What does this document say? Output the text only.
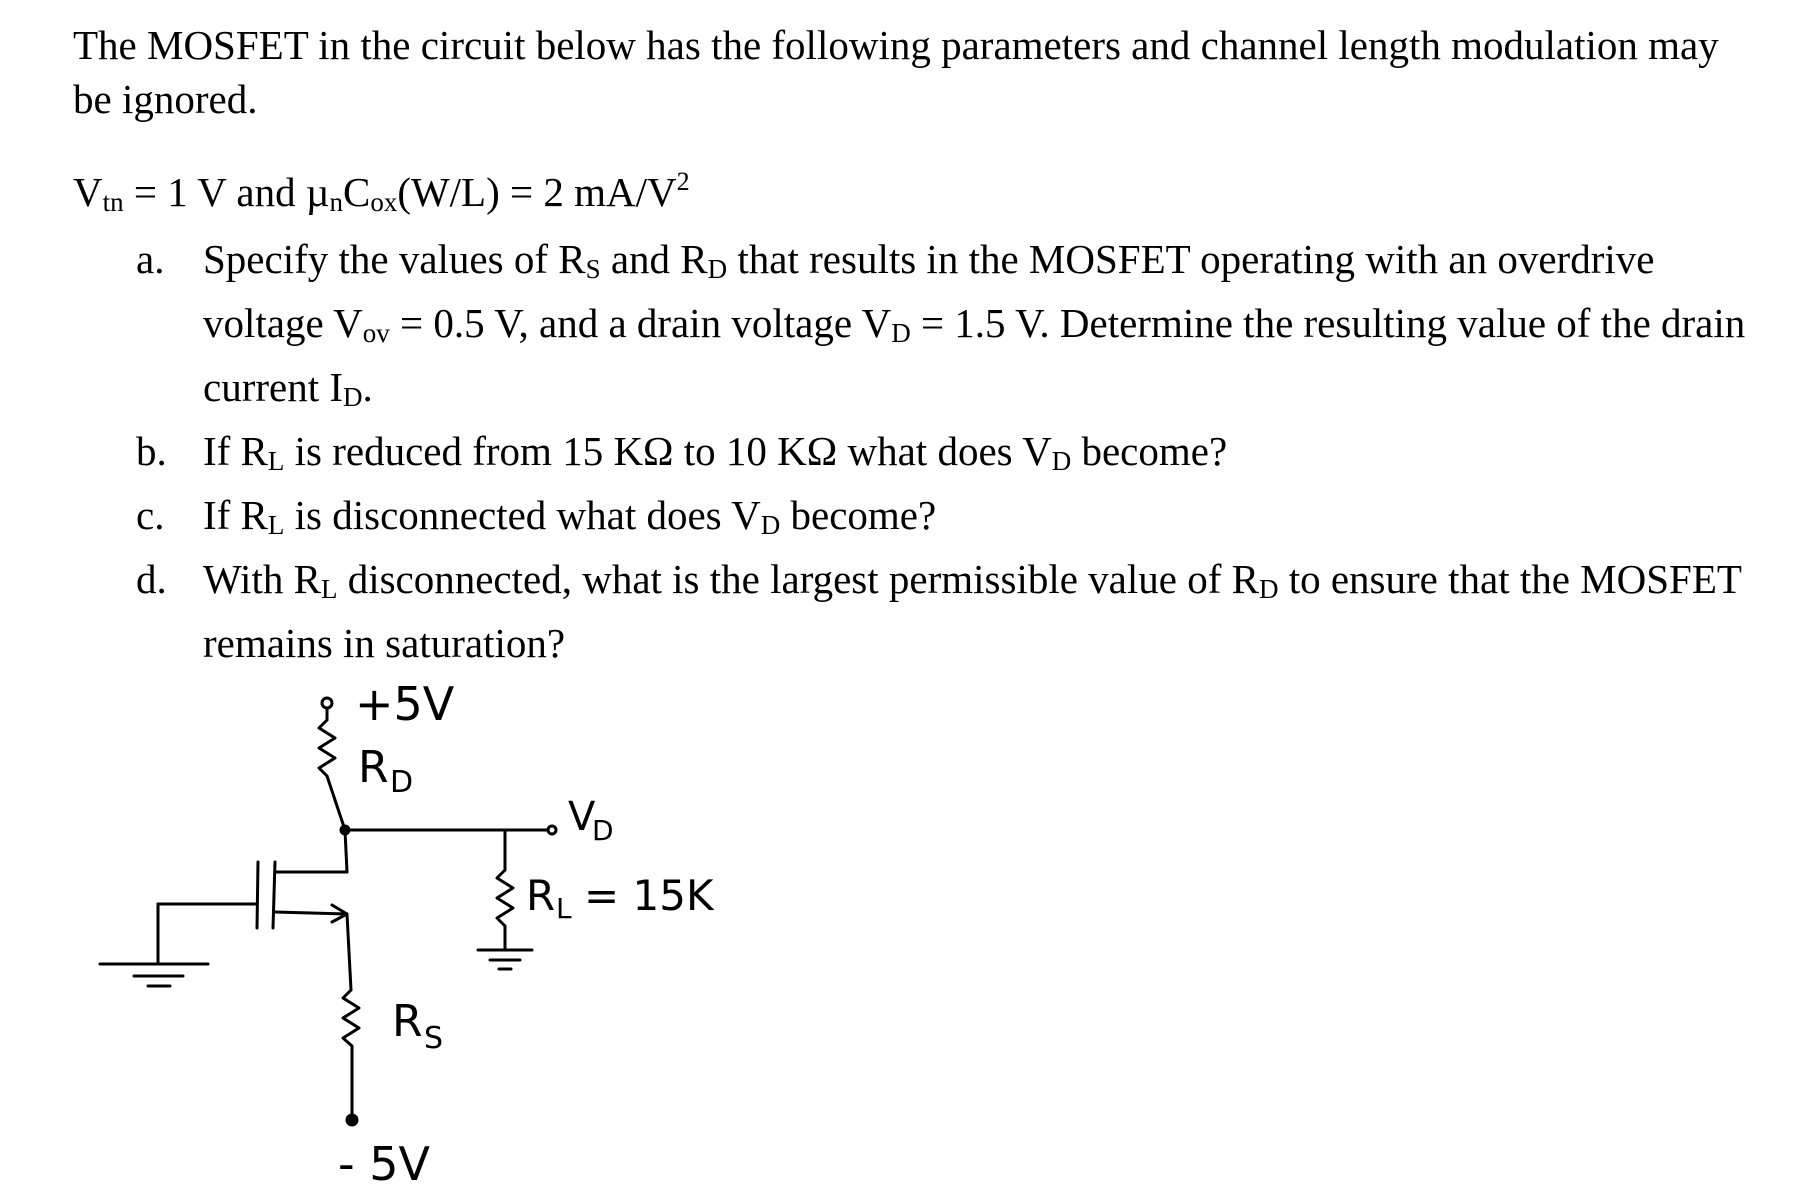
The MOSFET in the circuit below has the following parameters and channel length modulation may be ignored.
Vtn = 1 V and µnCox(W/L) = 2 $mA/V^2$
a. Specify the values of RS and RD that results in the MOSFET operating with an overdrive voltage Vov = 0.5 V, and a drain voltage VD = 1.5 V. Determine the resulting value of the drain current ID.
b. If RL is reduced from 15 KΩ to 10 KΩ what does VD become?
c. If RL is disconnected what does VD become?
d. With RL disconnected, what is the largest permissible value of RD to ensure that the MOSFET remains in saturation?
+5V
R D
V
D
R L = 15K
R S
- 5V
